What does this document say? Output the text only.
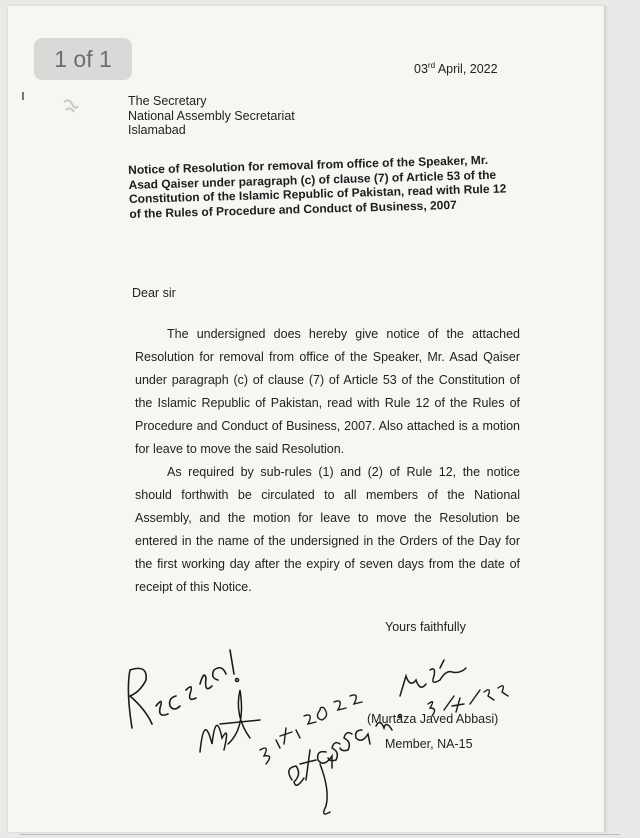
1 of 1	03rd April, 2022
The Secretary
National Assembly Secretariat
Islamabad
Notice of Resolution for removal from office of the Speaker, Mr. Asad Qaiser under paragraph (c) of clause (7) of Article 53 of the Constitution of the Islamic Republic of Pakistan, read with Rule 12 of the Rules of Procedure and Conduct of Business, 2007
Dear sir

The undersigned does hereby give notice of the attached Resolution for removal from office of the Speaker, Mr. Asad Qaiser under paragraph (c) of clause (7) of Article 53 of the Constitution of the Islamic Republic of Pakistan, read with Rule 12 of the Rules of Procedure and Conduct of Business, 2007. Also attached is a motion for leave to move the said Resolution.

As required by sub-rules (1) and (2) of Rule 12, the notice should forthwith be circulated to all members of the National Assembly, and the motion for leave to move the Resolution be entered in the name of the undersigned in the Orders of the Day for the first working day after the expiry of seven days from the date of receipt of this Notice.

Yours faithfully
(Murtaza Javed Abbasi)
Member, NA-15
